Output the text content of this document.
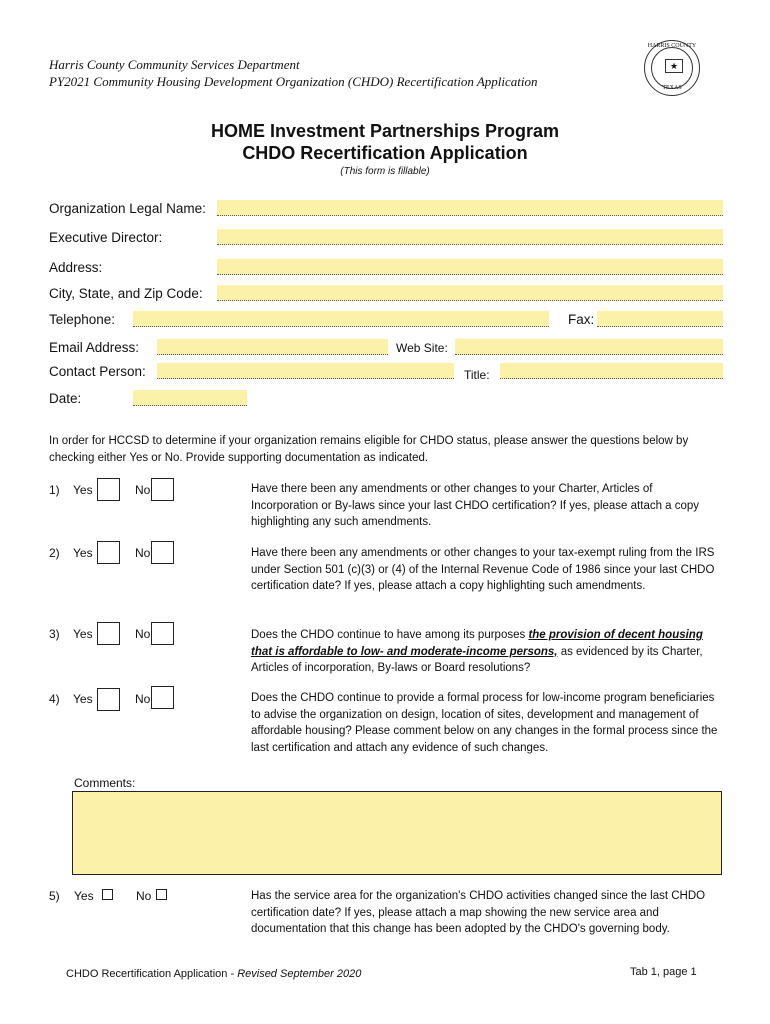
Harris County Community Services Department
PY2021 Community Housing Development Organization (CHDO) Recertification Application
HARRIS COUNTY
★
TEXAS
HOME Investment Partnerships Program
CHDO Recertification Application
(This form is fillable)
Organization Legal Name:
Executive Director:
Address:
City, State, and Zip Code:
Telephone:	Fax:
Email Address:	Web Site:
Contact Person:	Title:
Date:
In order for HCCSD to determine if your organization remains eligible for CHDO status, please answer the questions below by checking either Yes or No. Provide supporting documentation as indicated.
1) Yes	No	Have there been any amendments or other changes to your Charter, Articles of Incorporation or By-laws since your last CHDO certification? If yes, please attach a copy highlighting any such amendments.
2) Yes	No	Have there been any amendments or other changes to your tax-exempt ruling from the IRS under Section 501 (c)(3) or (4) of the Internal Revenue Code of 1986 since your last CHDO certification date? If yes, please attach a copy highlighting such amendments.
3) Yes	No	Does the CHDO continue to have among its purposes the provision of decent housing that is affordable to low- and moderate-income persons, as evidenced by its Charter, Articles of incorporation, By-laws or Board resolutions?
4) Yes	No	Does the CHDO continue to provide a formal process for low-income program beneficiaries to advise the organization on design, location of sites, development and management of affordable housing? Please comment below on any changes in the formal process since the last certification and attach any evidence of such changes.
Comments:
5) Yes	No	Has the service area for the organization's CHDO activities changed since the last CHDO certification date? If yes, please attach a map showing the new service area and documentation that this change has been adopted by the CHDO's governing body.
CHDO Recertification Application - Revised September 2020	Tab 1, page 1
